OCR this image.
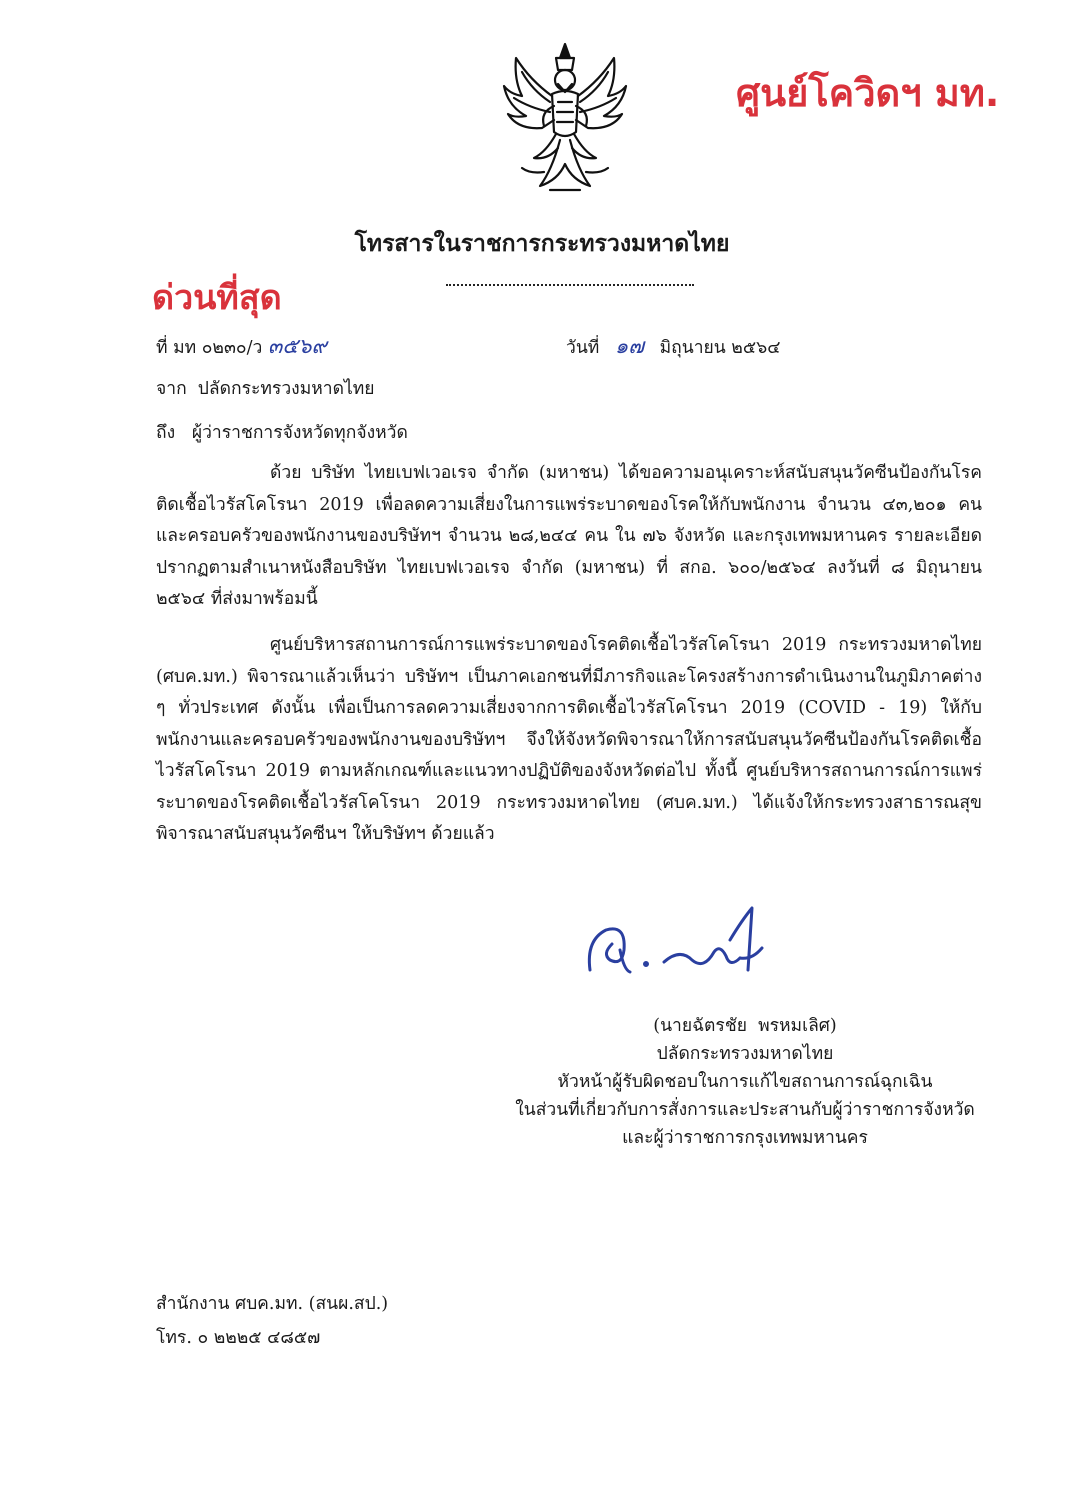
ศูนย์โควิดฯ มท.
โทรสารในราชการกระทรวงมหาดไทย
ด่วนที่สุด
ที่ มท ๐๒๓๐/ว ๓๕๖๙	วันที่ ๑๗ มิถุนายน ๒๕๖๔
จาก  ปลัดกระทรวงมหาดไทย
ถึง   ผู้ว่าราชการจังหวัดทุกจังหวัด

ด้วย บริษัท ไทยเบฟเวอเรจ จำกัด (มหาชน) ได้ขอความอนุเคราะห์สนับสนุนวัคซีนป้องกันโรคติดเชื้อไวรัสโคโรนา 2019 เพื่อลดความเสี่ยงในการแพร่ระบาดของโรคให้กับพนักงาน จำนวน ๔๓,๒๐๑ คน และครอบครัวของพนักงานของบริษัทฯ จำนวน ๒๘,๒๔๔ คน ใน ๗๖ จังหวัด และกรุงเทพมหานคร รายละเอียดปรากฏตามสำเนาหนังสือบริษัท ไทยเบฟเวอเรจ จำกัด (มหาชน) ที่ สกอ. ๖๐๐/๒๕๖๔ ลงวันที่ ๘ มิถุนายน ๒๕๖๔ ที่ส่งมาพร้อมนี้

ศูนย์บริหารสถานการณ์การแพร่ระบาดของโรคติดเชื้อไวรัสโคโรนา 2019 กระทรวงมหาดไทย (ศบค.มท.) พิจารณาแล้วเห็นว่า บริษัทฯ เป็นภาคเอกชนที่มีภารกิจและโครงสร้างการดำเนินงานในภูมิภาคต่าง ๆ ทั่วประเทศ ดังนั้น เพื่อเป็นการลดความเสี่ยงจากการติดเชื้อไวรัสโคโรนา 2019 (COVID - 19) ให้กับพนักงานและครอบครัวของพนักงานของบริษัทฯ จึงให้จังหวัดพิจารณาให้การสนับสนุนวัคซีนป้องกันโรคติดเชื้อไวรัสโคโรนา 2019 ตามหลักเกณฑ์และแนวทางปฏิบัติของจังหวัดต่อไป ทั้งนี้ ศูนย์บริหารสถานการณ์การแพร่ระบาดของโรคติดเชื้อไวรัสโคโรนา 2019 กระทรวงมหาดไทย (ศบค.มท.) ได้แจ้งให้กระทรวงสาธารณสุขพิจารณาสนับสนุนวัคซีนฯ ให้บริษัทฯ ด้วยแล้ว

(นายฉัตรชัย  พรหมเลิศ)
ปลัดกระทรวงมหาดไทย
หัวหน้าผู้รับผิดชอบในการแก้ไขสถานการณ์ฉุกเฉิน
ในส่วนที่เกี่ยวกับการสั่งการและประสานกับผู้ว่าราชการจังหวัด
และผู้ว่าราชการกรุงเทพมหานคร
สำนักงาน ศบค.มท. (สนผ.สป.)
โทร. ๐ ๒๒๒๕ ๔๘๕๗
